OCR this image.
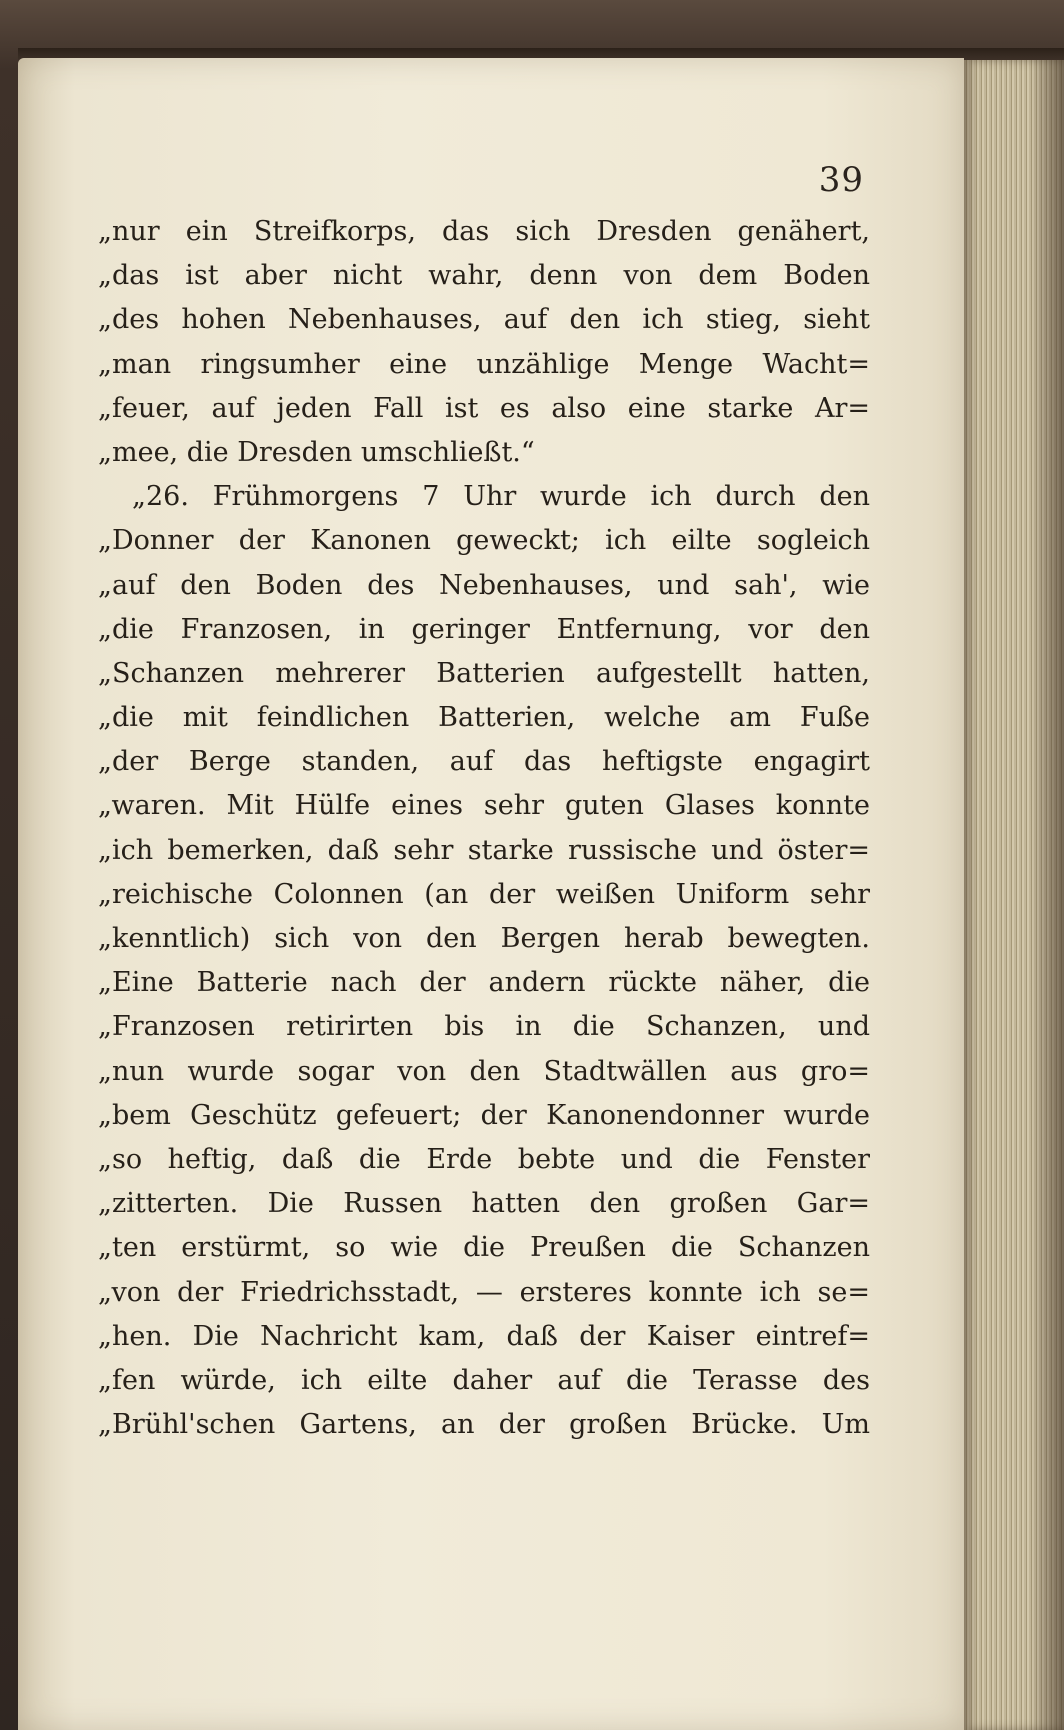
39
„nur ein Streifkorps, das sich Dresden genähert,
„das ist aber nicht wahr, denn von dem Boden
„des hohen Nebenhauses, auf den ich stieg, sieht
„man ringsumher eine unzählige Menge Wacht=
„feuer, auf jeden Fall ist es also eine starke Ar=
„mee, die Dresden umschließt.“
„26. Frühmorgens 7 Uhr wurde ich durch den
„Donner der Kanonen geweckt; ich eilte sogleich
„auf den Boden des Nebenhauses, und sah', wie
„die Franzosen, in geringer Entfernung, vor den
„Schanzen mehrerer Batterien aufgestellt hatten,
„die mit feindlichen Batterien, welche am Fuße
„der Berge standen, auf das heftigste engagirt
„waren. Mit Hülfe eines sehr guten Glases konnte
„ich bemerken, daß sehr starke russische und öster=
„reichische Colonnen (an der weißen Uniform sehr
„kenntlich) sich von den Bergen herab bewegten.
„Eine Batterie nach der andern rückte näher, die
„Franzosen retirirten bis in die Schanzen, und
„nun wurde sogar von den Stadtwällen aus gro=
„bem Geschütz gefeuert; der Kanonendonner wurde
„so heftig, daß die Erde bebte und die Fenster
„zitterten. Die Russen hatten den großen Gar=
„ten erstürmt, so wie die Preußen die Schanzen
„von der Friedrichsstadt, — ersteres konnte ich se=
„hen. Die Nachricht kam, daß der Kaiser eintref=
„fen würde, ich eilte daher auf die Terasse des
„Brühl'schen Gartens, an der großen Brücke. Um
